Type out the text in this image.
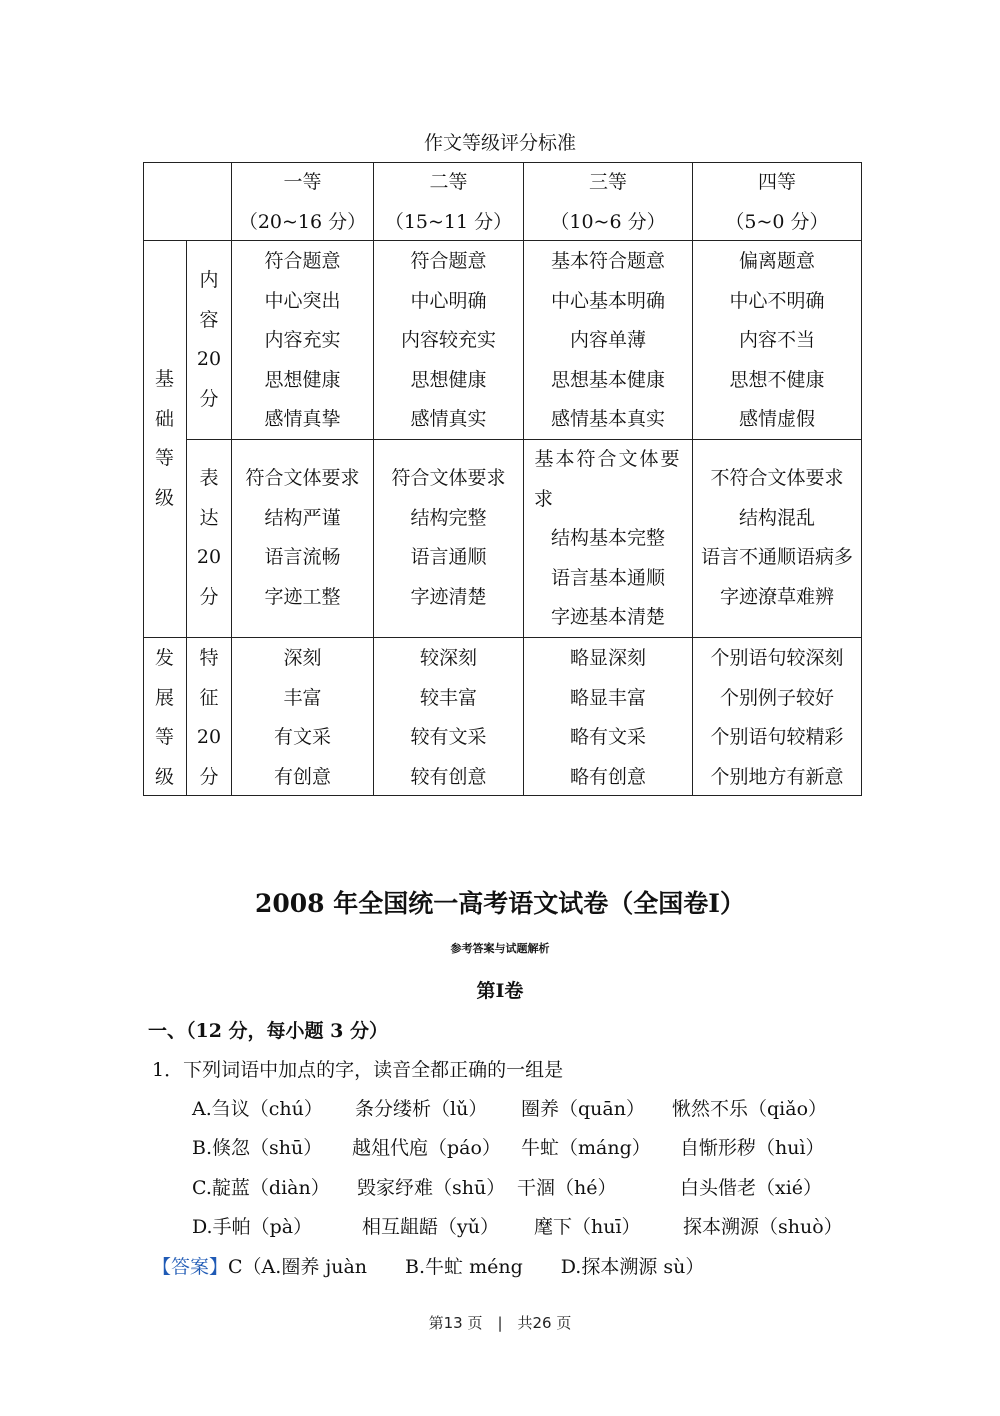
作文等级评分标准
一等
（20~16 分）
二等
（15~11 分）
三等
（10~6 分）
四等
（5~0 分）
基
础
等
级
发
展
等
级
内
容
20
分
表
达
20
分
特
征
20
分
符合题意
中心突出
内容充实
思想健康
感情真挚
符合题意
中心明确
内容较充实
思想健康
感情真实
基本符合题意
中心基本明确
内容单薄
思想基本健康
感情基本真实
偏离题意
中心不明确
内容不当
思想不健康
感情虚假
符合文体要求
结构严谨
语言流畅
字迹工整
符合文体要求
结构完整
语言通顺
字迹清楚
基本符合文体要
求
结构基本完整
语言基本通顺
字迹基本清楚
不符合文体要求
结构混乱
语言不通顺语病多
字迹潦草难辨
深刻
丰富
有文采
有创意
较深刻
较丰富
较有文采
较有创意
略显深刻
略显丰富
略有文采
略有创意
个别语句较深刻
个别例子较好
个别语句较精彩
个别地方有新意
2008 年全国统一高考语文试卷（全国卷I）
参考答案与试题解析
第I卷
一、（12 分，每小题 3 分）
1．下列词语中加点的字，读音全都正确的一组是
A.刍议（chú） 条分缕析（lǔ） 圈养（quān） 愀然不乐（qiǎo）
B.倏忽（shū） 越俎代庖（páo） 牛虻（máng） 自惭形秽（huì）
C.靛蓝（diàn） 毁家纾难（shū） 干涸（hé）	白头偕老（xié）
D.手帕（pà）	相互龃龉（yǔ） 麾下（huī） 探本溯源（shuò）
【答案】C（A.圈养 juàn　　B.牛虻 méng　　D.探本溯源 sù）
第13 页　|　共26 页
